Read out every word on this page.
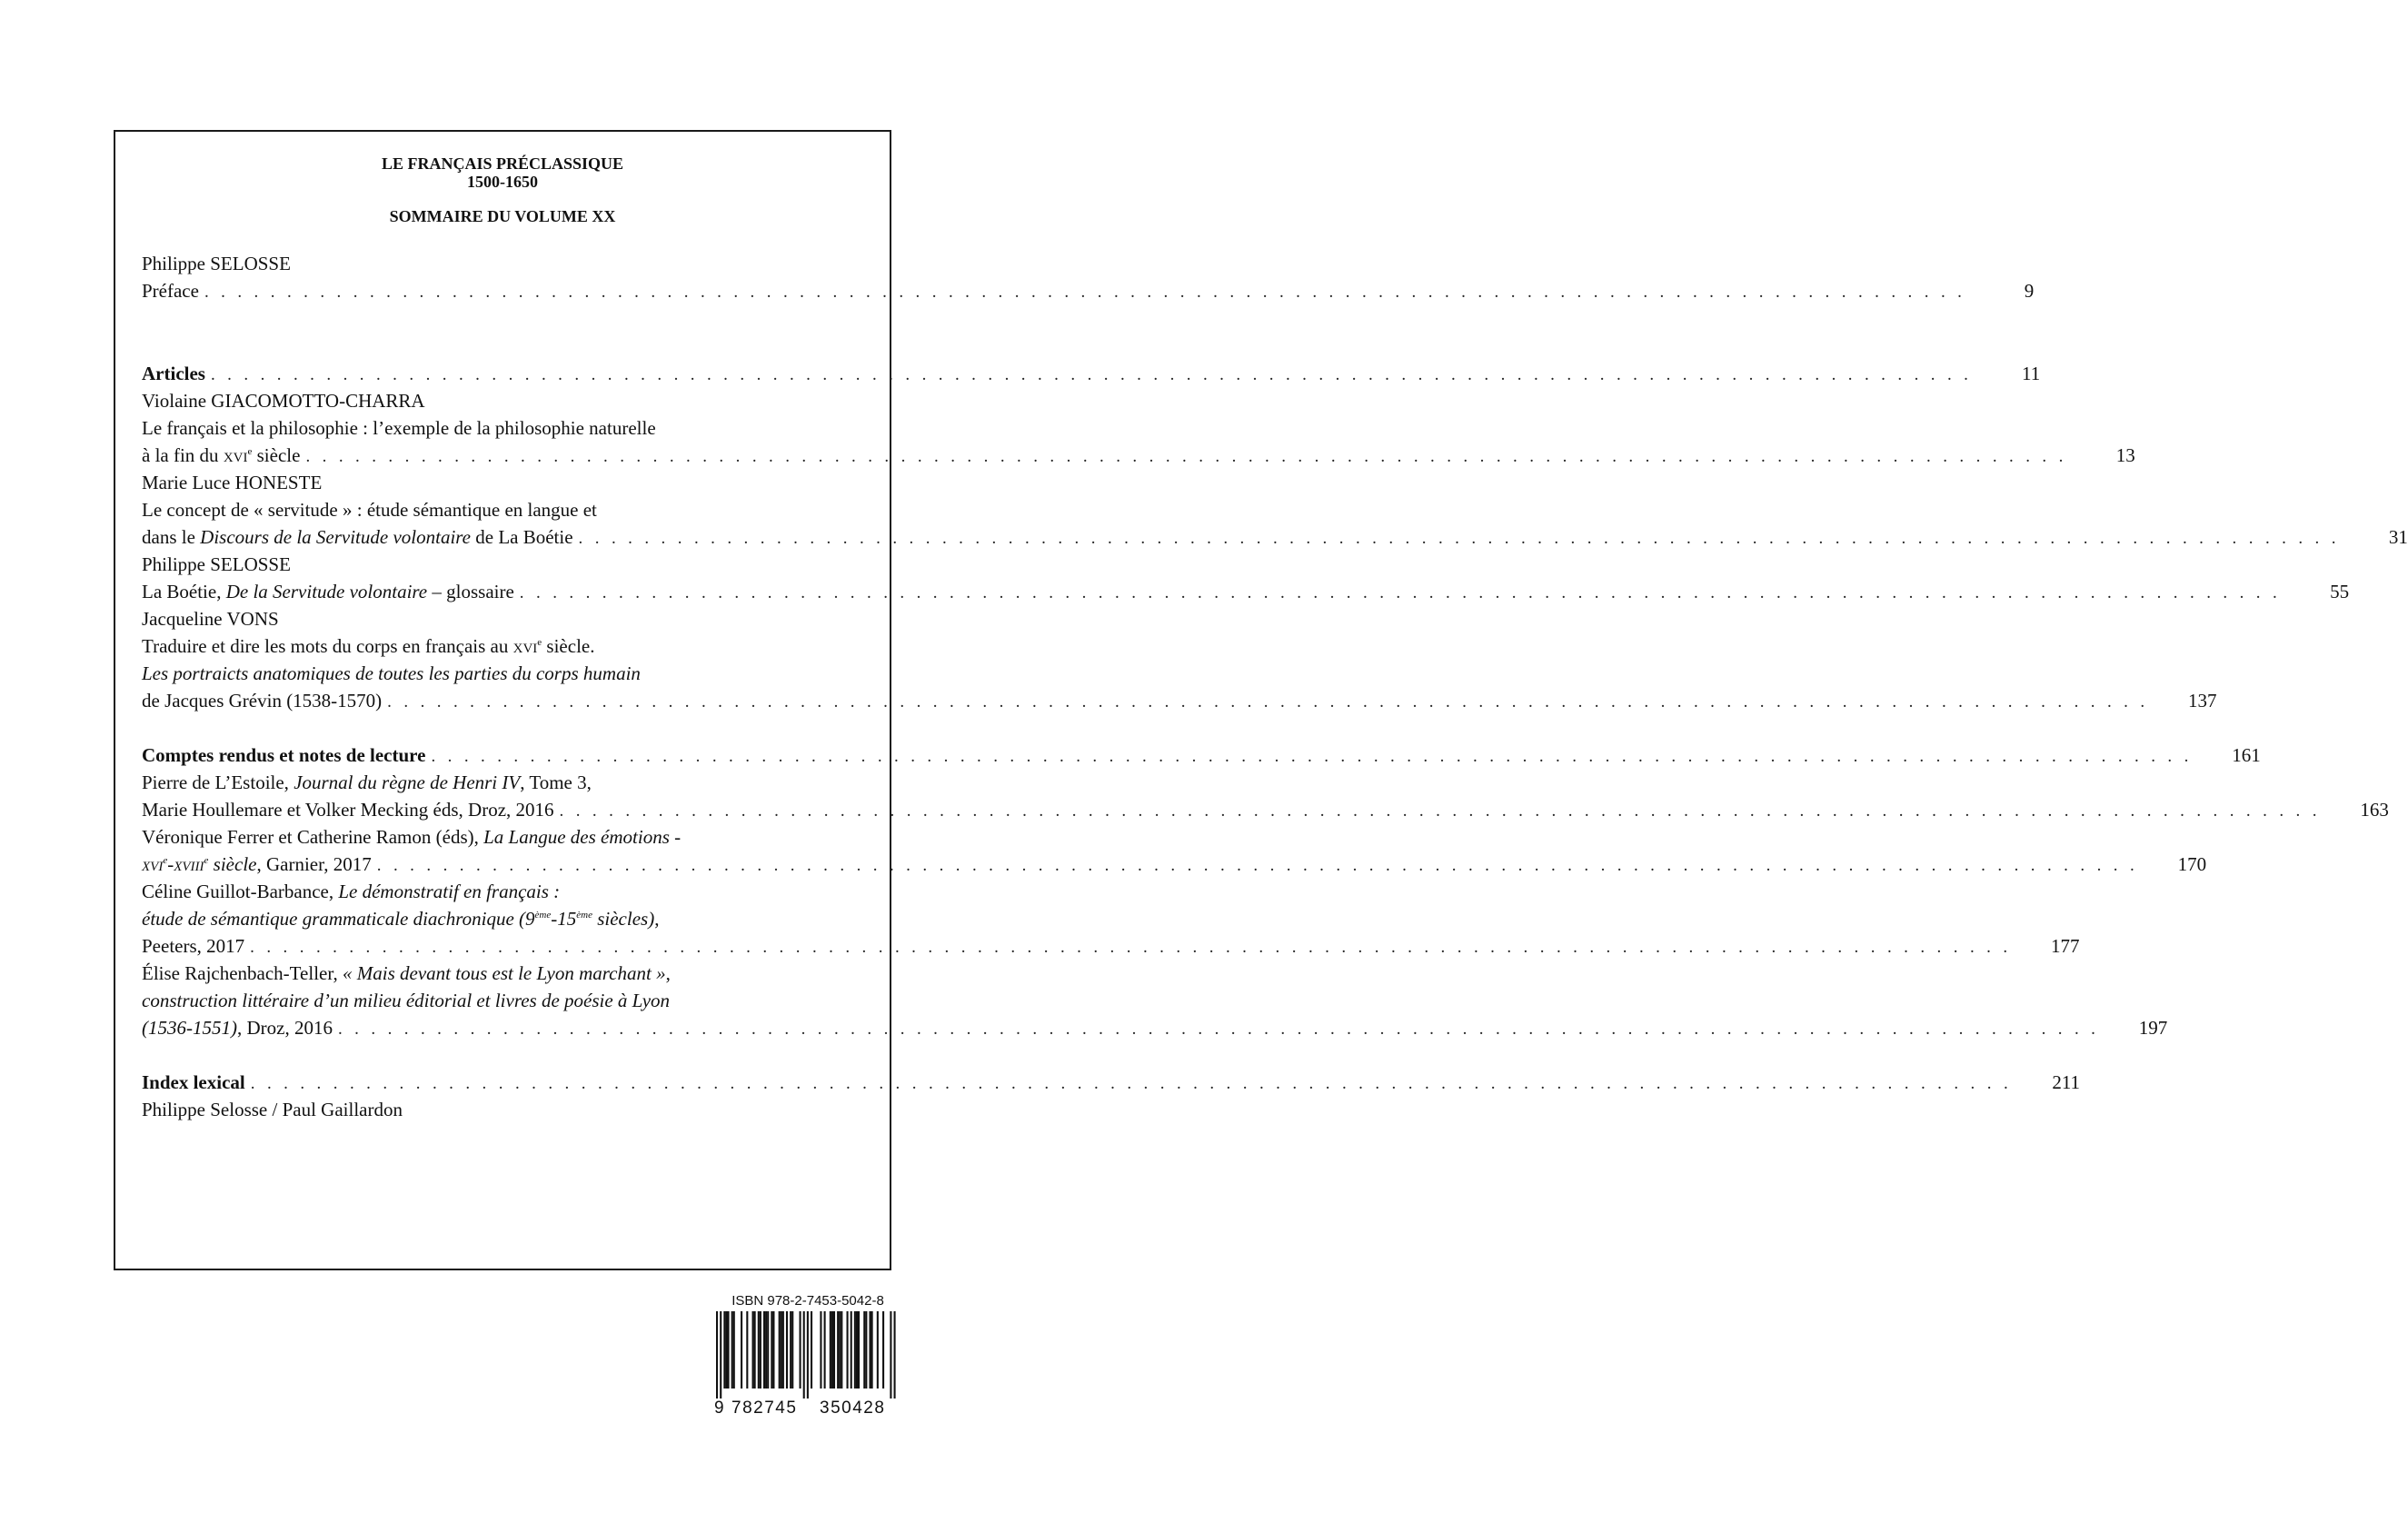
LE FRANÇAIS PRÉCLASSIQUE
1500-1650
SOMMAIRE DU VOLUME XX
Philippe SELOSSE
Préface . . . . . . . . . . . . . . . . . . . . . . . . . . . . . . . . . . . . . . . . . . . . . . . . . . . . . . . . . . . . . . . . . . . . . . . . . . . . . . . . . . . . . . . . . . . . . . . . . . . . . . . . . . .	9
Articles . . . . . . . . . . . . . . . . . . . . . . . . . . . . . . . . . . . . . . . . . . . . . . . . . . . . . . . . . . . . . . . . . . . . . . . . . . . . . . . . . . . . . . . . . . . . . . . . . . . . . . . . . . .	11
Violaine GIACOMOTTO-CHARRA
Le français et la philosophie : l’exemple de la philosophie naturelle
à la fin du xvi$^e$ siècle . . . . . . . . . . . . . . . . . . . . . . . . . . . . . . . . . . . . . . . . . . . . . . . . . . . . . . . . . . . . . . . . . . . . . . . . . . . . . . . . . . . . . . . . . . . . . . . . . . . . . . . . . . .	13
Marie Luce HONESTE
Le concept de « servitude » : étude sémantique en langue et
dans le Discours de la Servitude volontaire de La Boétie . . . . . . . . . . . . . . . . . . . . . . . . . . . . . . . . . . . . . . . . . . . . . . . . . . . . . . . . . . . . . . . . . . . . . . . . . . . . . . . . . . . . . . . . . . . . . . . . . . . . . . . . . . .	31
Philippe SELOSSE
La Boétie, De la Servitude volontaire – glossaire . . . . . . . . . . . . . . . . . . . . . . . . . . . . . . . . . . . . . . . . . . . . . . . . . . . . . . . . . . . . . . . . . . . . . . . . . . . . . . . . . . . . . . . . . . . . . . . . . . . . . . . . . . .	55
Jacqueline VONS
Traduire et dire les mots du corps en français au xvi$^e$ siècle.
Les portraicts anatomiques de toutes les parties du corps humain
de Jacques Grévin (1538-1570) . . . . . . . . . . . . . . . . . . . . . . . . . . . . . . . . . . . . . . . . . . . . . . . . . . . . . . . . . . . . . . . . . . . . . . . . . . . . . . . . . . . . . . . . . . . . . . . . . . . . . . . . . . .	137
Comptes rendus et notes de lecture . . . . . . . . . . . . . . . . . . . . . . . . . . . . . . . . . . . . . . . . . . . . . . . . . . . . . . . . . . . . . . . . . . . . . . . . . . . . . . . . . . . . . . . . . . . . . . . . . . . . . . . . . . .	161
Pierre de L’Estoile, Journal du règne de Henri IV, Tome 3,
Marie Houllemare et Volker Mecking éds, Droz, 2016 . . . . . . . . . . . . . . . . . . . . . . . . . . . . . . . . . . . . . . . . . . . . . . . . . . . . . . . . . . . . . . . . . . . . . . . . . . . . . . . . . . . . . . . . . . . . . . . . . . . . . . . . . . .	163
Véronique Ferrer et Catherine Ramon (éds), La Langue des émotions -
xvi$^e$-xviii$^e$ siècle, Garnier, 2017 . . . . . . . . . . . . . . . . . . . . . . . . . . . . . . . . . . . . . . . . . . . . . . . . . . . . . . . . . . . . . . . . . . . . . . . . . . . . . . . . . . . . . . . . . . . . . . . . . . . . . . . . . . .	170
Céline Guillot-Barbance, Le démonstratif en français :
étude de sémantique grammaticale diachronique (9ème-15ème siècles),
Peeters, 2017 . . . . . . . . . . . . . . . . . . . . . . . . . . . . . . . . . . . . . . . . . . . . . . . . . . . . . . . . . . . . . . . . . . . . . . . . . . . . . . . . . . . . . . . . . . . . . . . . . . . . . . . . . . .	177
Élise Rajchenbach-Teller, « Mais devant tous est le Lyon marchant »,
construction littéraire d’un milieu éditorial et livres de poésie à Lyon
(1536-1551), Droz, 2016 . . . . . . . . . . . . . . . . . . . . . . . . . . . . . . . . . . . . . . . . . . . . . . . . . . . . . . . . . . . . . . . . . . . . . . . . . . . . . . . . . . . . . . . . . . . . . . . . . . . . . . . . . . .	197
Index lexical . . . . . . . . . . . . . . . . . . . . . . . . . . . . . . . . . . . . . . . . . . . . . . . . . . . . . . . . . . . . . . . . . . . . . . . . . . . . . . . . . . . . . . . . . . . . . . . . . . . . . . . . . . .	211
Philippe Selosse / Paul Gaillardon
ISBN 978-2-7453-5042-8
9 782745 350428
